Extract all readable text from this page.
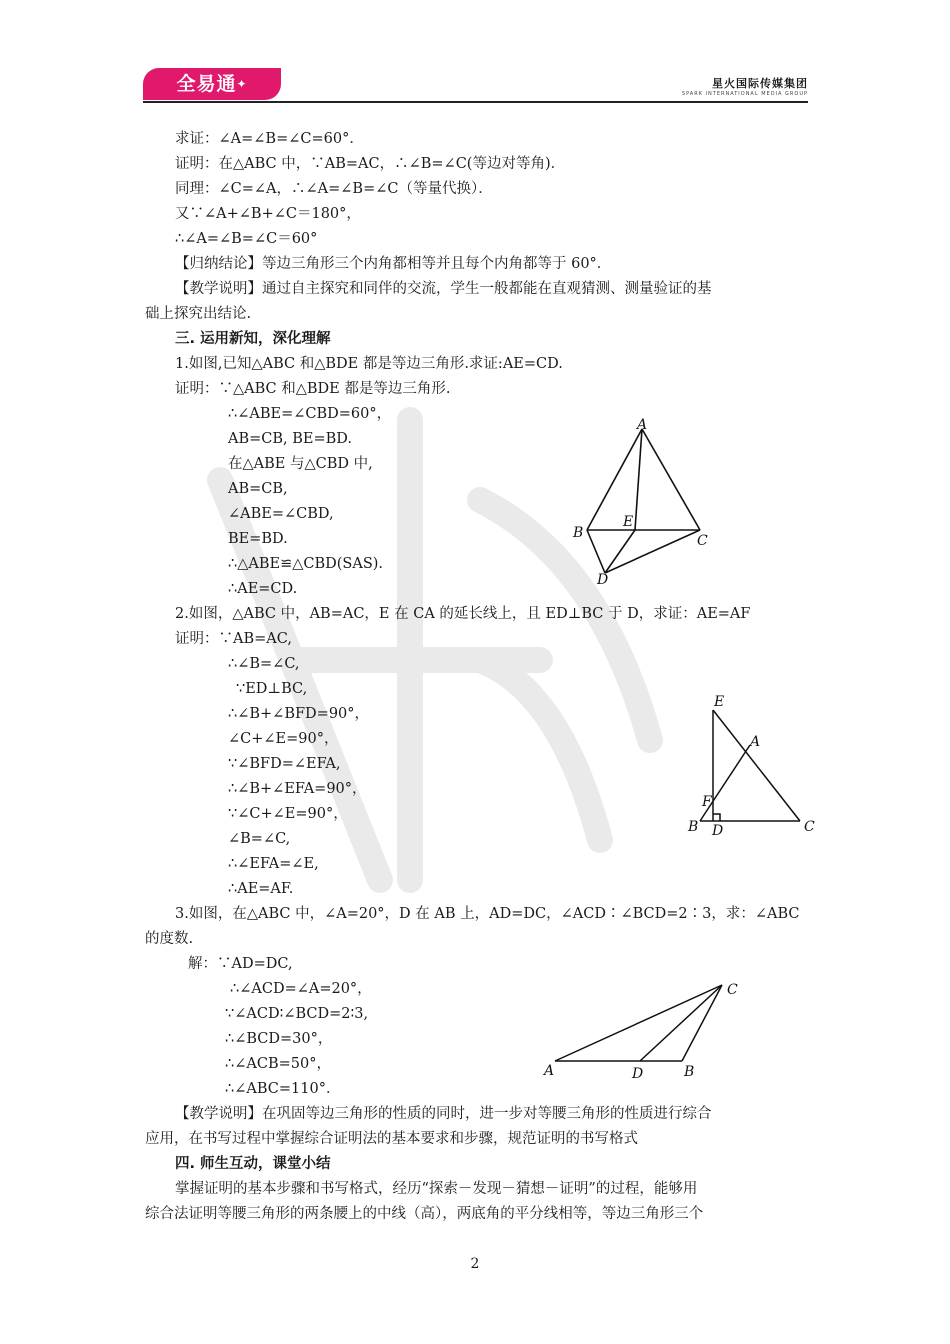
全易通✦	星火国际传媒集团
SPARK INTERNATIONAL MEDIA GROUP
求证：∠A=∠B=∠C=60°．
证明：在△ABC 中，∵AB=AC，∴∠B=∠C(等边对等角)．
同理：∠C=∠A，∴∠A=∠B=∠C（等量代换）．
又∵∠A+∠B+∠C＝180°，
∴∠A=∠B=∠C＝60°
【归纳结论】等边三角形三个内角都相等并且每个内角都等于 60°．
【教学说明】通过自主探究和同伴的交流，学生一般都能在直观猜测、测量验证的基
础上探究出结论.
三. 运用新知，深化理解
1.如图,已知△ABC 和△BDE 都是等边三角形.求证:AE=CD.
证明：∵△ABC 和△BDE 都是等边三角形.
∴∠ABE=∠CBD=60°，
AB=CB, BE=BD.
在△ABE 与△CBD 中,
AB=CB,
∠ABE=∠CBD,
BE=BD.
∴△ABE≌△CBD(SAS).
∴AE=CD.
2.如图，△ABC 中，AB=AC，E 在 CA 的延长线上，且 ED⊥BC 于 D，求证：AE=AF
证明：∵AB=AC,
∴∠B=∠C,
∵ED⊥BC,
∴∠B+∠BFD=90°，
∠C+∠E=90°，
∵∠BFD=∠EFA,
∴∠B+∠EFA=90°，
∵∠C+∠E=90°，
∠B=∠C,
∴∠EFA=∠E,
∴AE=AF.
3.如图，在△ABC 中，∠A=20°，D 在 AB 上，AD=DC，∠ACD∶∠BCD=2∶3，求：∠ABC
的度数.
解：∵AD=DC,
∴∠ACD=∠A=20°，
∵∠ACD∶∠BCD=2∶3,
∴∠BCD=30°，
∴∠ACB=50°，
∴∠ABC=110°．
【教学说明】在巩固等边三角形的性质的同时，进一步对等腰三角形的性质进行综合
应用，在书写过程中掌握综合证明法的基本要求和步骤，规范证明的书写格式
四. 师生互动，课堂小结
掌握证明的基本步骤和书写格式，经历“探索－发现－猜想－证明”的过程，能够用
综合法证明等腰三角形的两条腰上的中线（高），两底角的平分线相等，等边三角形三个
A
B	C
D
E
E
A
F
B D	C
C
A	D	B
2
